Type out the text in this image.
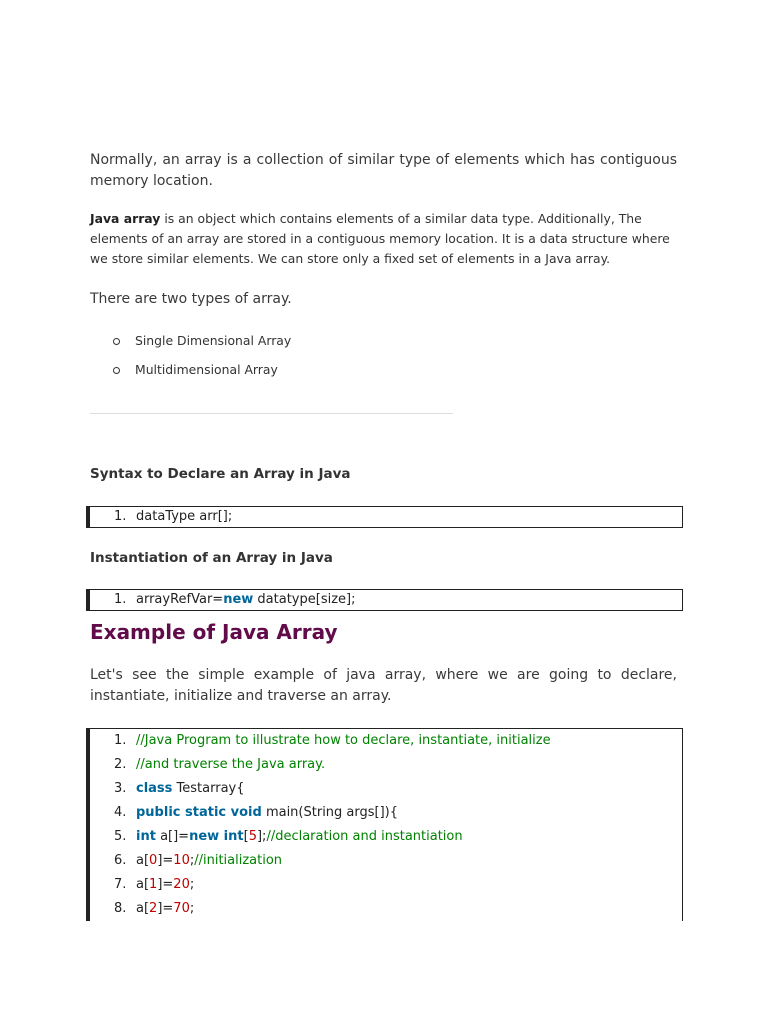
Normally, an array is a collection of similar type of elements which has contiguous memory location.

Java array is an object which contains elements of a similar data type. Additionally, The elements of an array are stored in a contiguous memory location. It is a data structure where we store similar elements. We can store only a fixed set of elements in a Java array.

There are two types of array.

Single Dimensional Array
Multidimensional Array
Syntax to Declare an Array in Java
1. dataType arr[];
Instantiation of an Array in Java
1. arrayRefVar=new datatype[size];
Example of Java Array

Let's see the simple example of java array, where we are going to declare, instantiate, initialize and traverse an array.

1. //Java Program to illustrate how to declare, instantiate, initialize
2. //and traverse the Java array.
3. class Testarray{
4. public static void main(String args[]){
5. int a[]=new int[5];//declaration and instantiation
6. a[0]=10;//initialization
7. a[1]=20;
8. a[2]=70;
